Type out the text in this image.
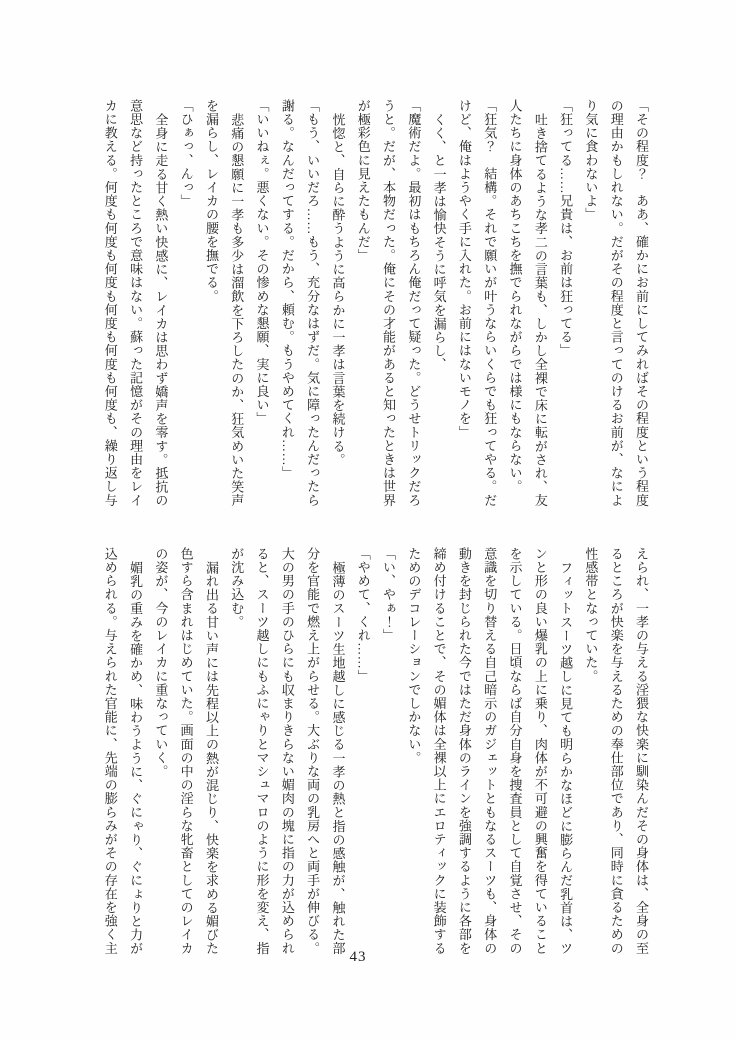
「その程度？　ああ、確かにお前にしてみればその程度という程度

の理由かもしれない。だがその程度と言ってのけるお前が、なによ

り気に食わないよ」

「狂ってる……兄貴は、お前は狂ってる」

吐き捨てるような孝二の言葉も、しかし全裸で床に転がされ、友

人たちに身体のあちこちを撫でられながらでは様にもならない。

「狂気？　結構。それで願いが叶うならいくらでも狂ってやる。だ

けど、俺はようやく手に入れた。お前にはないモノを」

くく、と一孝は愉快そうに呼気を漏らし、

「魔術だよ。最初はもちろん俺だって疑った。どうせトリックだろ

うと。だが、本物だった。俺にその才能があると知ったときは世界

が極彩色に見えたもんだ」

恍惚と、自らに酔うように高らかに一孝は言葉を続ける。

「もう、いいだろ……もう、充分なはずだ。気に障ったんだったら

謝る。なんだってする。だから、頼む。もうやめてくれ……」

「いいねぇ。悪くない。その惨めな懇願、実に良い」

悲痛の懇願に一孝も多少は溜飲を下ろしたのか、狂気めいた笑声

を漏らし、レイカの腰を撫でる。

「ひぁっ、んっ」

全身に走る甘く熱い快感に、レイカは思わず嬌声を零す。抵抗の

意思など持ったところで意味はない。蘇った記憶がその理由をレイ

カに教える。何度も何度も何度も何度も何度も何度も、繰り返し与

えられ、一孝の与える淫猥な快楽に馴染んだその身体は、全身の至

るところが快楽を与えるための奉仕部位であり、同時に貪るための

性感帯となっていた。

フィットスーツ越しに見ても明らかなほどに膨らんだ乳首は、ツ

ンと形の良い爆乳の上に乗り、肉体が不可避の興奮を得ていること

を示している。日頃ならば自分自身を捜査員として自覚させ、その

意識を切り替える自己暗示のガジェットともなるスーツも、身体の

動きを封じられた今ではただ身体のラインを強調するように各部を

締め付けることで、その媚体は全裸以上にエロティックに装飾する

ためのデコレーションでしかない。

「い、やぁ！」

「やめて、くれ……」

極薄のスーツ生地越しに感じる一孝の熱と指の感触が、触れた部

分を官能で燃え上がらせる。大ぶりな両の乳房へと両手が伸びる。

大の男の手のひらにも収まりきらない媚肉の塊に指の力が込められ

ると、スーツ越しにもふにゃりとマシュマロのように形を変え、指

が沈み込む。

漏れ出る甘い声には先程以上の熱が混じり、快楽を求める媚びた

色すら含まれはじめていた。画面の中の淫らな牝畜としてのレイカ

の姿が、今のレイカに重なっていく。

媚乳の重みを確かめ、味わうように、ぐにゃり、ぐにょりと力が

込められる。与えられた官能に、先端の膨らみがその存在を強く主

43
